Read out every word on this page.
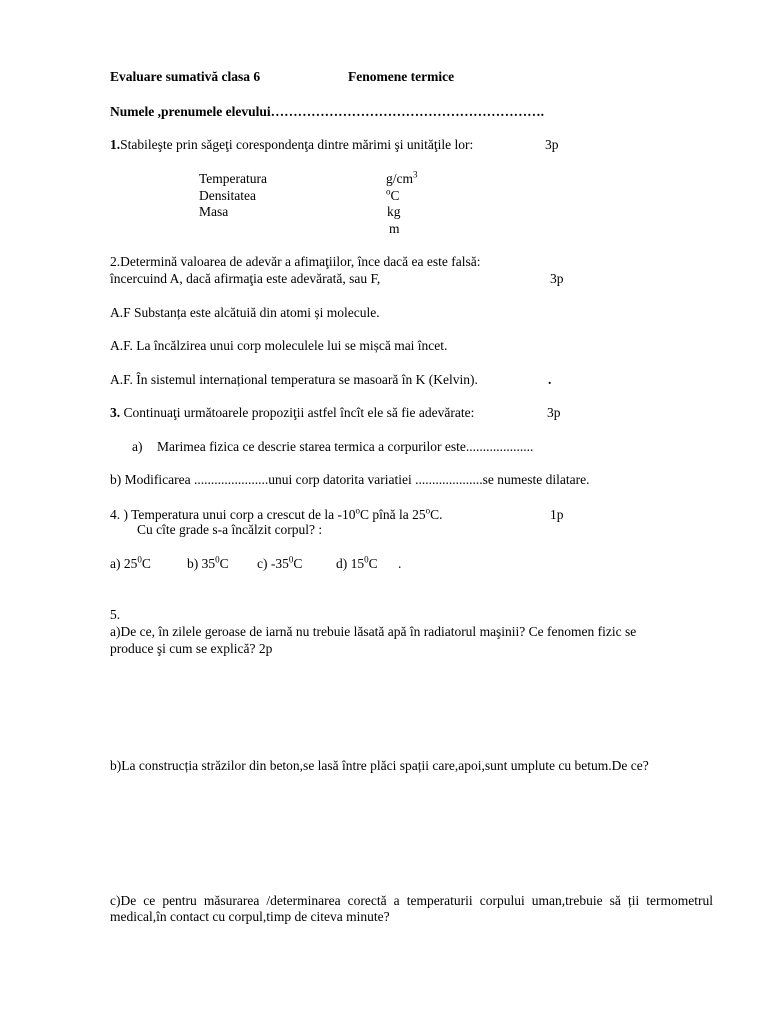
Evaluare sumativă clasa 6	Fenomene termice
Numele ,prenumele elevului…………………………………………………….
1.Stabileşte prin săgeţi corespondenţa dintre mărimi şi unităţile lor:	3p
Temperatura
Densitatea
Masa
$g/cm^3$
$^o$C
kg
m
2.Determină valoarea de adevăr a afimaţiilor, înce dacă ea este falsă:
încercuind A, dacă afirmaţia este adevărată, sau F,	3p
A.F Substanța este alcătuiă din atomi și molecule.
A.F. La încălzirea unui corp moleculele lui se mișcă mai încet.
A.F. În sistemul internațional temperatura se masoară în K (Kelvin).	.
3. Continuaţi următoarele propoziţii astfel încît ele să fie adevărate:	3p
a) Marimea fizica ce descrie starea termica a corpurilor este....................
b) Modificarea ......................unui corp datorita variatiei ....................se numeste dilatare.
4. ) Temperatura unui corp a crescut de la -10$^o$C pînă la 25$^o$C.	1p
Cu cîte grade s-a încălzit corpul? :
a) $25^0C$	b) $35^0C$ c) $-35^0C$ d) $15^0C$ .
5.
a)De ce, în zilele geroase de iarnă nu trebuie lăsată apă în radiatorul maşinii? Ce fenomen fizic se
produce şi cum se explică? 2p
b)La construcția străzilor din beton,se lasă între plăci spații care,apoi,sunt umplute cu betum.De ce?
c)De ce pentru măsurarea /determinarea corectă a temperaturii corpului uman,trebuie să ții termometrul medical,în contact cu corpul,timp de citeva minute?
